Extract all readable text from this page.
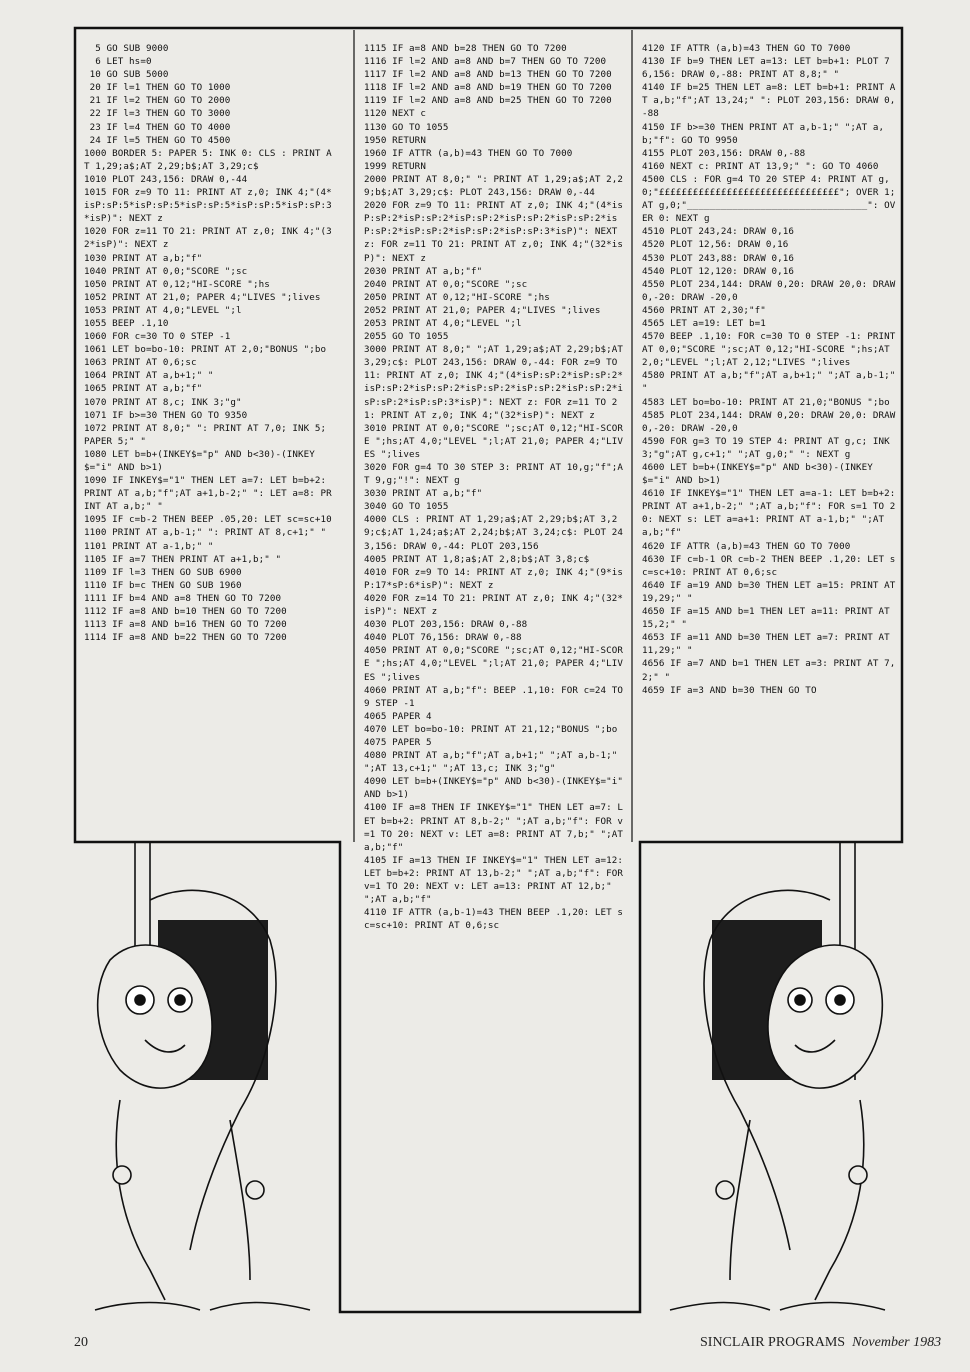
5 GO SUB 9000
6 LET hs=0
10 GO SUB 5000
20 IF l=1 THEN GO TO 1000
21 IF l=2 THEN GO TO 2000
22 IF l=3 THEN GO TO 3000
23 IF l=4 THEN GO TO 4000
24 IF l=5 THEN GO TO 4500
1000 BORDER 5: PAPER 5: INK 0: CLS : PRINT AT 1,29;a$;AT 2,29;b$;AT 3,29;c$
1010 PLOT 243,156: DRAW 0,-44
1015 FOR z=9 TO 11: PRINT AT z,0; INK 4;"(4*isP:sP:5*isP:sP:5*isP:sP:5*isP:sP:5*isP:sP:3*isP)": NEXT z
1020 FOR z=11 TO 21: PRINT AT z,0; INK 4;"(32*isP)": NEXT z
1030 PRINT AT a,b;"f"
1040 PRINT AT 0,0;"SCORE ";sc
1050 PRINT AT 0,12;"HI-SCORE ";hs
1052 PRINT AT 21,0; PAPER 4;"LIVES ";lives
1053 PRINT AT 4,0;"LEVEL ";l
1055 BEEP .1,10
1060 FOR c=30 TO 0 STEP -1
1061 LET bo=bo-10: PRINT AT 2,0;"BONUS ";bo
1063 PRINT AT 0,6;sc
1064 PRINT AT a,b+1;" "
1065 PRINT AT a,b;"f"
1070 PRINT AT 8,c; INK 3;"g"
1071 IF b>=30 THEN GO TO 9350
1072 PRINT AT 8,0;" ": PRINT AT 7,0; INK 5; PAPER 5;" "
1080 LET b=b+(INKEY$="p" AND b<30)-(INKEY$="i" AND b>1)
1090 IF INKEY$="1" THEN LET a=7: LET b=b+2: PRINT AT a,b;"f";AT a+1,b-2;" ": LET a=8: PRINT AT a,b;" "
1095 IF c=b-2 THEN BEEP .05,20: LET sc=sc+10
1100 PRINT AT a,b-1;" ": PRINT AT 8,c+1;" "
1101 PRINT AT a-1,b;" "
1105 IF a=7 THEN PRINT AT a+1,b;" "
1109 IF l=3 THEN GO SUB 6900
1110 IF b=c THEN GO SUB 1960
1111 IF b=4 AND a=8 THEN GO TO 7200
1112 IF a=8 AND b=10 THEN GO TO 7200
1113 IF a=8 AND b=16 THEN GO TO 7200
1114 IF a=8 AND b=22 THEN GO TO 7200
1115 IF a=8 AND b=28 THEN GO TO 7200
1116 IF l=2 AND a=8 AND b=7 THEN GO TO 7200
1117 IF l=2 AND a=8 AND b=13 THEN GO TO 7200
1118 IF l=2 AND a=8 AND b=19 THEN GO TO 7200
1119 IF l=2 AND a=8 AND b=25 THEN GO TO 7200
1120 NEXT c
1130 GO TO 1055
1950 RETURN
1960 IF ATTR (a,b)=43 THEN GO TO 7000
1999 RETURN
2000 PRINT AT 8,0;" ": PRINT AT 1,29;a$;AT 2,29;b$;AT 3,29;c$: PLOT 243,156: DRAW 0,-44
2020 FOR z=9 TO 11: PRINT AT z,0; INK 4;"(4*isP:sP:2*isP:sP:2*isP:sP:2*isP:sP:2*isP:sP:2*isP:sP:2*isP:sP:2*isP:sP:2*isP:sP:3*isP)": NEXT z: FOR z=11 TO 21: PRINT AT z,0; INK 4;"(32*isP)": NEXT z
2030 PRINT AT a,b;"f"
2040 PRINT AT 0,0;"SCORE ";sc
2050 PRINT AT 0,12;"HI-SCORE ";hs
2052 PRINT AT 21,0; PAPER 4;"LIVES ";lives
2053 PRINT AT 4,0;"LEVEL ";l
2055 GO TO 1055
3000 PRINT AT 8,0;" ";AT 1,29;a$;AT 2,29;b$;AT 3,29;c$: PLOT 243,156: DRAW 0,-44: FOR z=9 TO 11: PRINT AT z,0; INK 4;"(4*isP:sP:2*isP:sP:2*isP:sP:2*isP:sP:2*isP:sP:2*isP:sP:2*isP:sP:2*isP:sP:2*isP:sP:3*isP)": NEXT z: FOR z=11 TO 21: PRINT AT z,0; INK 4;"(32*isP)": NEXT z
3010 PRINT AT 0,0;"SCORE ";sc;AT 0,12;"HI-SCORE ";hs;AT 4,0;"LEVEL ";l;AT 21,0; PAPER 4;"LIVES ";lives
3020 FOR g=4 TO 30 STEP 3: PRINT AT 10,g;"f";AT 9,g;"!": NEXT g
3030 PRINT AT a,b;"f"
3040 GO TO 1055
4000 CLS : PRINT AT 1,29;a$;AT 2,29;b$;AT 3,29;c$;AT 1,24;a$;AT 2,24;b$;AT 3,24;c$: PLOT 243,156: DRAW 0,-44: PLOT 203,156
4005 PRINT AT 1,8;a$;AT 2,8;b$;AT 3,8;c$
4010 FOR z=9 TO 14: PRINT AT z,0; INK 4;"(9*isP:17*sP:6*isP)": NEXT z
4020 FOR z=14 TO 21: PRINT AT z,0; INK 4;"(32*isP)": NEXT z
4030 PLOT 203,156: DRAW 0,-88
4040 PLOT 76,156: DRAW 0,-88
4050 PRINT AT 0,0;"SCORE ";sc;AT 0,12;"HI-SCORE ";hs;AT 4,0;"LEVEL ";l;AT 21,0; PAPER 4;"LIVES ";lives
4060 PRINT AT a,b;"f": BEEP .1,10: FOR c=24 TO 9 STEP -1
4065 PAPER 4
4070 LET bo=bo-10: PRINT AT 21,12;"BONUS ";bo
4075 PAPER 5
4080 PRINT AT a,b;"f";AT a,b+1;" ";AT a,b-1;" ";AT 13,c+1;" ";AT 13,c; INK 3;"g"
4090 LET b=b+(INKEY$="p" AND b<30)-(INKEY$="i" AND b>1)
4100 IF a=8 THEN IF INKEY$="1" THEN LET a=7: LET b=b+2: PRINT AT 8,b-2;" ";AT a,b;"f": FOR v=1 TO 20: NEXT v: LET a=8: PRINT AT 7,b;" ";AT a,b;"f"
4105 IF a=13 THEN IF INKEY$="1" THEN LET a=12: LET b=b+2: PRINT AT 13,b-2;" ";AT a,b;"f": FOR v=1 TO 20: NEXT v: LET a=13: PRINT AT 12,b;" ";AT a,b;"f"
4110 IF ATTR (a,b-1)=43 THEN BEEP .1,20: LET sc=sc+10: PRINT AT 0,6;sc
4120 IF ATTR (a,b)=43 THEN GO TO 7000
4130 IF b=9 THEN LET a=13: LET b=b+1: PLOT 76,156: DRAW 0,-88: PRINT AT 8,8;" "
4140 IF b=25 THEN LET a=8: LET b=b+1: PRINT AT a,b;"f";AT 13,24;" ": PLOT 203,156: DRAW 0,-88
4150 IF b>=30 THEN PRINT AT a,b-1;" ";AT a,b;"f": GO TO 9950
4155 PLOT 203,156: DRAW 0,-88
4160 NEXT c: PRINT AT 13,9;" ": GO TO 4060
4500 CLS : FOR g=4 TO 20 STEP 4: PRINT AT g,0;"££££££££££££££££££££££££££££££££"; OVER 1;AT g,0;"________________________________": OVER 0: NEXT g
4510 PLOT 243,24: DRAW 0,16
4520 PLOT 12,56: DRAW 0,16
4530 PLOT 243,88: DRAW 0,16
4540 PLOT 12,120: DRAW 0,16
4550 PLOT 234,144: DRAW 0,20: DRAW 20,0: DRAW 0,-20: DRAW -20,0
4560 PRINT AT 2,30;"f"
4565 LET a=19: LET b=1
4570 BEEP .1,10: FOR c=30 TO 0 STEP -1: PRINT AT 0,0;"SCORE ";sc;AT 0,12;"HI-SCORE ";hs;AT 2,0;"LEVEL ";l;AT 2,12;"LIVES ";lives
4580 PRINT AT a,b;"f";AT a,b+1;" ";AT a,b-1;" "
4583 LET bo=bo-10: PRINT AT 21,0;"BONUS ";bo
4585 PLOT 234,144: DRAW 0,20: DRAW 20,0: DRAW 0,-20: DRAW -20,0
4590 FOR g=3 TO 19 STEP 4: PRINT AT g,c; INK 3;"g";AT g,c+1;" ";AT g,0;" ": NEXT g
4600 LET b=b+(INKEY$="p" AND b<30)-(INKEY$="i" AND b>1)
4610 IF INKEY$="1" THEN LET a=a-1: LET b=b+2: PRINT AT a+1,b-2;" ";AT a,b;"f": FOR s=1 TO 20: NEXT s: LET a=a+1: PRINT AT a-1,b;" ";AT a,b;"f"
4620 IF ATTR (a,b)=43 THEN GO TO 7000
4630 IF c=b-1 OR c=b-2 THEN BEEP .1,20: LET sc=sc+10: PRINT AT 0,6;sc
4640 IF a=19 AND b=30 THEN LET a=15: PRINT AT 19,29;" "
4650 IF a=15 AND b=1 THEN LET a=11: PRINT AT 15,2;" "
4653 IF a=11 AND b=30 THEN LET a=7: PRINT AT 11,29;" "
4656 IF a=7 AND b=1 THEN LET a=3: PRINT AT 7,2;" "
4659 IF a=3 AND b=30 THEN GO TO
20	SINCLAIR PROGRAMS November 1983
